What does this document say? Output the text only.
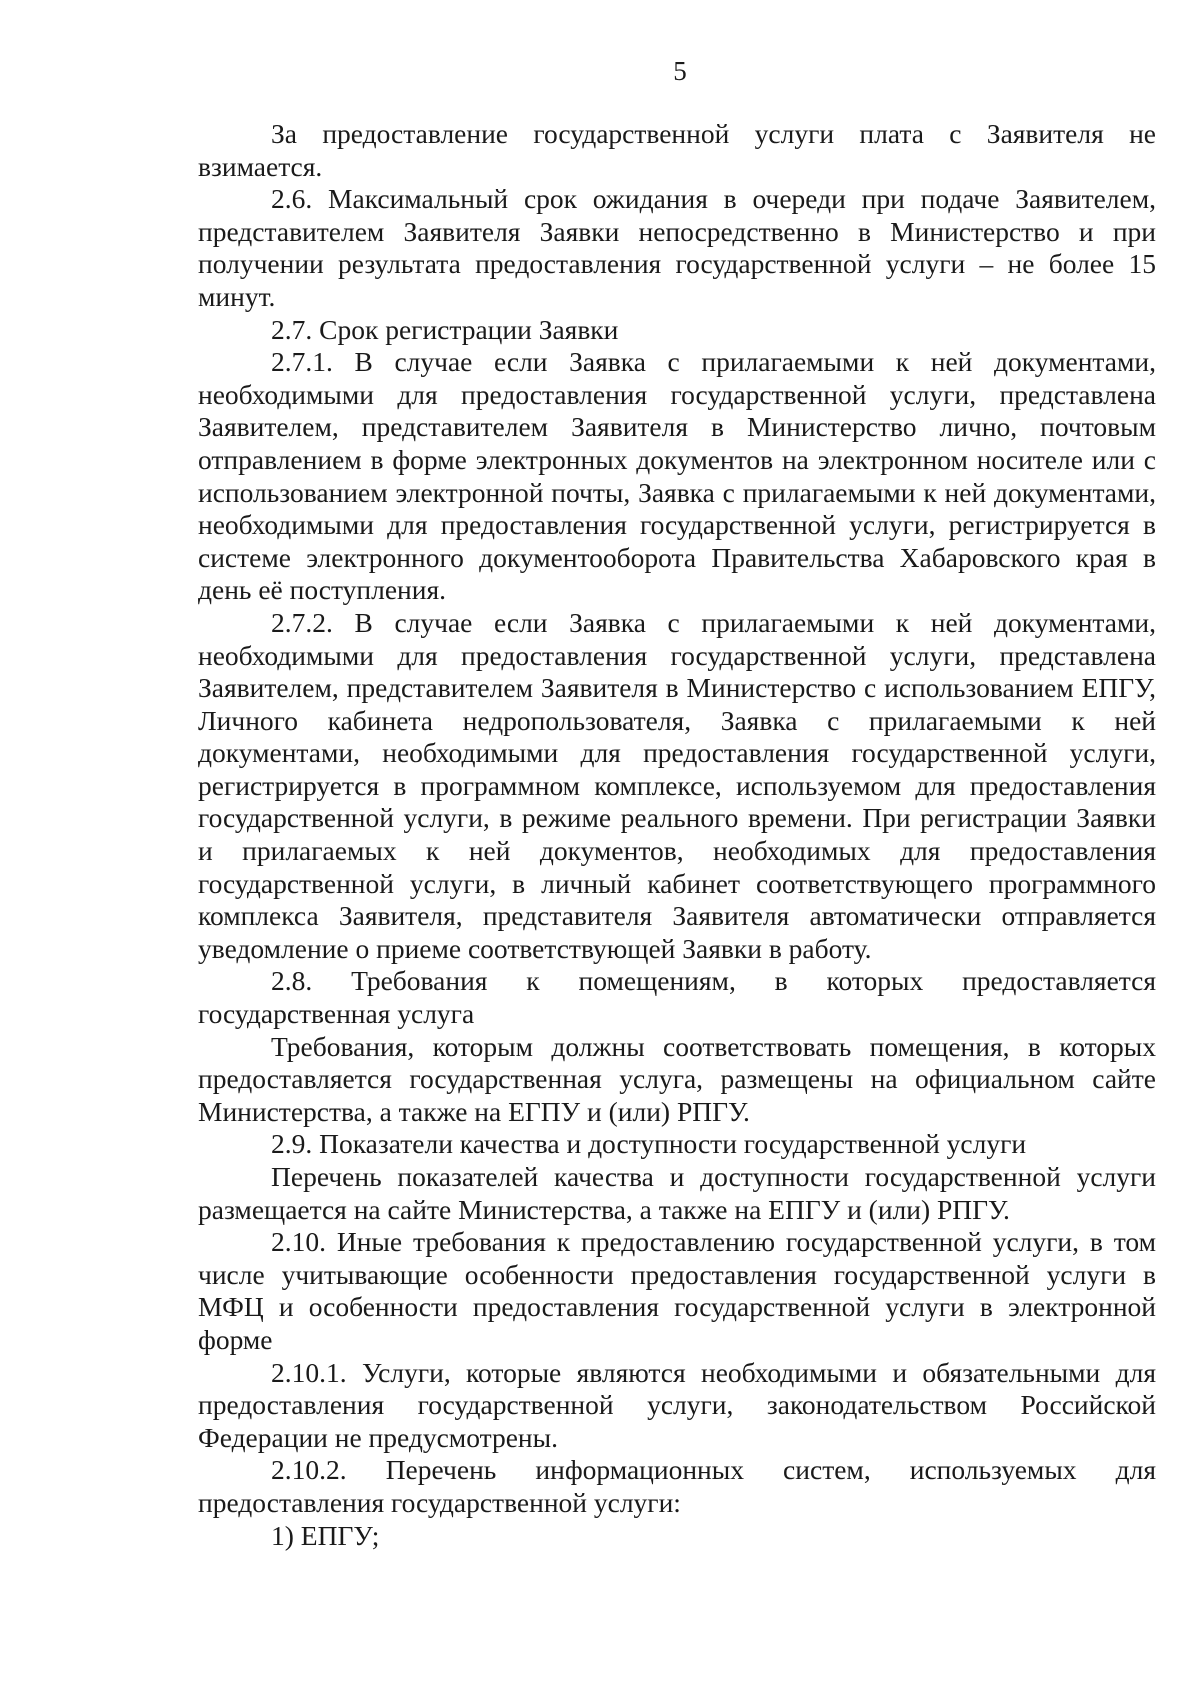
5

За предоставление государственной услуги плата с Заявителя не взимается.

2.6. Максимальный срок ожидания в очереди при подаче Заявителем, представителем Заявителя Заявки непосредственно в Министерство и при получении результата предоставления государственной услуги – не более 15 минут.

2.7. Срок регистрации Заявки

2.7.1. В случае если Заявка с прилагаемыми к ней документами, необходимыми для предоставления государственной услуги, представлена Заявителем, представителем Заявителя в Министерство лично, почтовым отправлением в форме электронных документов на электронном носителе или с использованием электронной почты, Заявка с прилагаемыми к ней документами, необходимыми для предоставления государственной услуги, регистрируется в системе электронного документооборота Правительства Хабаровского края в день её поступления.

2.7.2. В случае если Заявка с прилагаемыми к ней документами, необходимыми для предоставления государственной услуги, представлена Заявителем, представителем Заявителя в Министерство с использованием ЕПГУ, Личного кабинета недропользователя, Заявка с прилагаемыми к ней документами, необходимыми для предоставления государственной услуги, регистрируется в программном комплексе, используемом для предоставления государственной услуги, в режиме реального времени. При регистрации Заявки и прилагаемых к ней документов, необходимых для предоставления государственной услуги, в личный кабинет соответствующего программного комплекса Заявителя, представителя Заявителя автоматически отправляется уведомление о приеме соответствующей Заявки в работу.

2.8. Требования к помещениям, в которых предоставляется государственная услуга

Требования, которым должны соответствовать помещения, в которых предоставляется государственная услуга, размещены на официальном сайте Министерства, а также на ЕГПУ и (или) РПГУ.

2.9. Показатели качества и доступности государственной услуги

Перечень показателей качества и доступности государственной услуги размещается на сайте Министерства, а также на ЕПГУ и (или) РПГУ.

2.10. Иные требования к предоставлению государственной услуги, в том числе учитывающие особенности предоставления государственной услуги в МФЦ и особенности предоставления государственной услуги в электронной форме

2.10.1. Услуги, которые являются необходимыми и обязательными для предоставления государственной услуги, законодательством Российской Федерации не предусмотрены.

2.10.2. Перечень информационных систем, используемых для предоставления государственной услуги:

1) ЕПГУ;
